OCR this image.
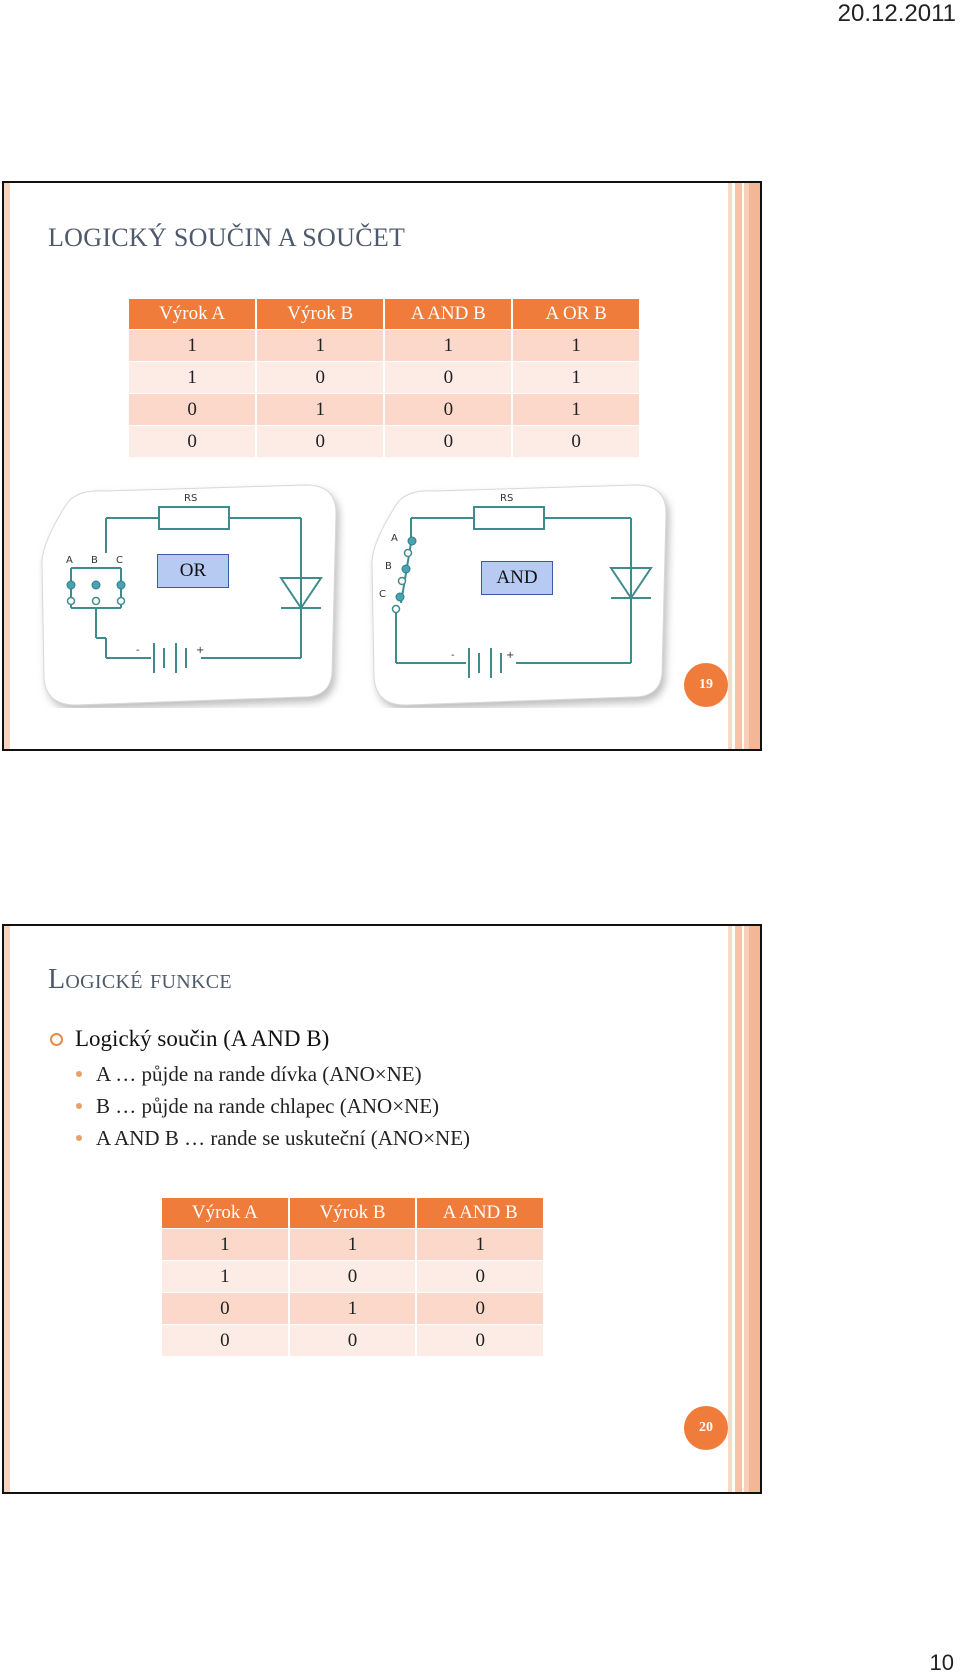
20.12.2011
LOGICKÝ SOUČIN A SOUČET
Výrok A	Výrok B	A AND B	A OR B
1	1	1	1
1	0	0	1
0	1	0	1
0	0	0	0
RS
A B C
-	+
RS
A
B
C
-	+
OR	AND
19
Logické funkce
Logický součin (A AND B)
A … půjde na rande dívka (ANO×NE)
B … půjde na rande chlapec (ANO×NE)
A AND B … rande se uskuteční (ANO×NE)
Výrok A	Výrok B	A AND B
1	1	1
1	0	0
0	1	0
0	0	0
20
10
